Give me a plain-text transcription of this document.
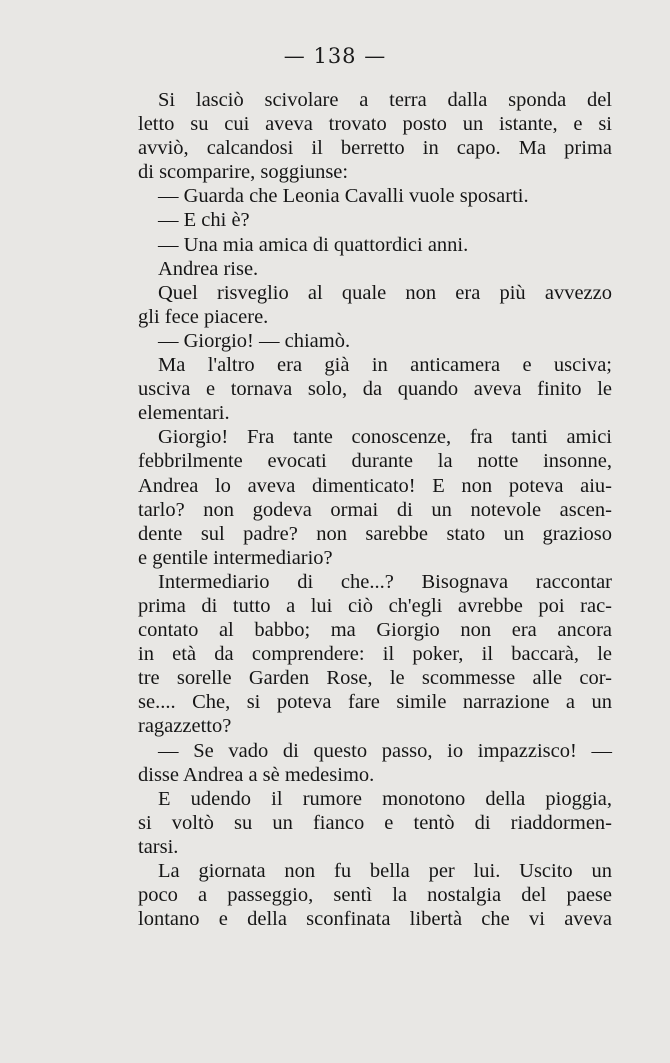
— 138 —
Si lasciò scivolare a terra dalla sponda del
letto su cui aveva trovato posto un istante, e si
avviò, calcandosi il berretto in capo. Ma prima
di scomparire, soggiunse:
— Guarda che Leonia Cavalli vuole sposarti.
— E chi è?
— Una mia amica di quattordici anni.
Andrea rise.
Quel risveglio al quale non era più avvezzo
gli fece piacere.
— Giorgio! — chiamò.
Ma l'altro era già in anticamera e usciva;
usciva e tornava solo, da quando aveva finito le
elementari.
Giorgio! Fra tante conoscenze, fra tanti amici
febbrilmente evocati durante la notte insonne,
Andrea lo aveva dimenticato! E non poteva aiu-
tarlo? non godeva ormai di un notevole ascen-
dente sul padre? non sarebbe stato un grazioso
e gentile intermediario?
Intermediario di che...? Bisognava raccontar
prima di tutto a lui ciò ch'egli avrebbe poi rac-
contato al babbo; ma Giorgio non era ancora
in età da comprendere: il poker, il baccarà, le
tre sorelle Garden Rose, le scommesse alle cor-
se.... Che, si poteva fare simile narrazione a un
ragazzetto?
— Se vado di questo passo, io impazzisco! —
disse Andrea a sè medesimo.
E udendo il rumore monotono della pioggia,
si voltò su un fianco e tentò di riaddormen-
tarsi.
La giornata non fu bella per lui. Uscito un
poco a passeggio, sentì la nostalgia del paese
lontano e della sconfinata libertà che vi aveva
